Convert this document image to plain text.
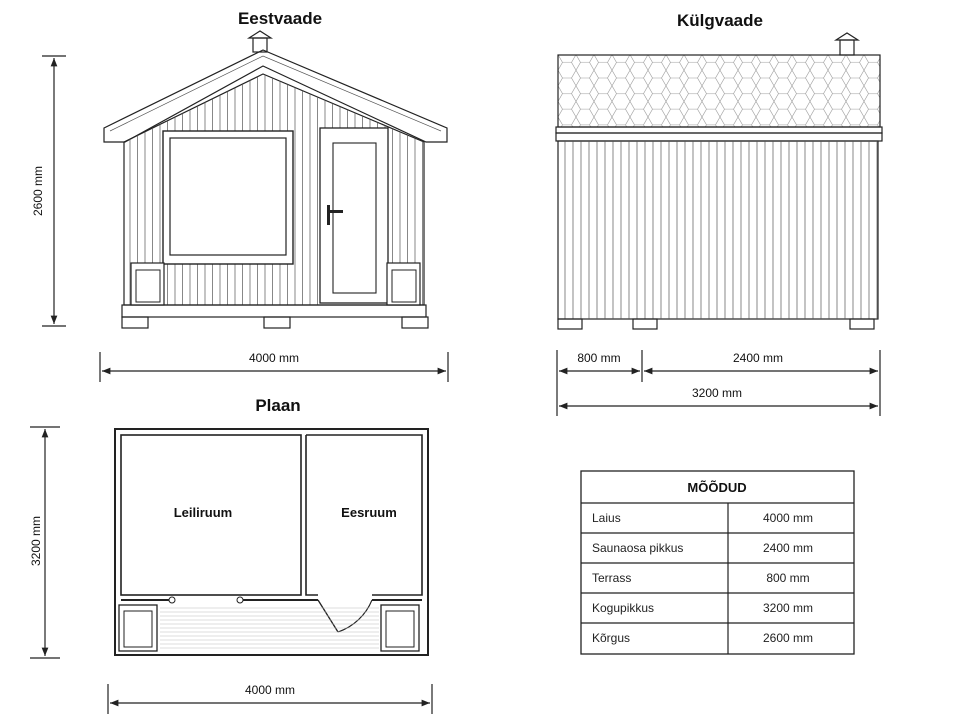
Eestvaade
2600 mm
4000 mm
Külgvaade
800 mm	2400 mm
3200 mm
Plaan
Leiliruum	Eesruum
3200 mm
4000 mm
MÕÕDUD
Laius	4000 mm
Saunaosa pikkus	2400 mm
Terrass	800 mm
Kogupikkus	3200 mm
Kõrgus	2600 mm
